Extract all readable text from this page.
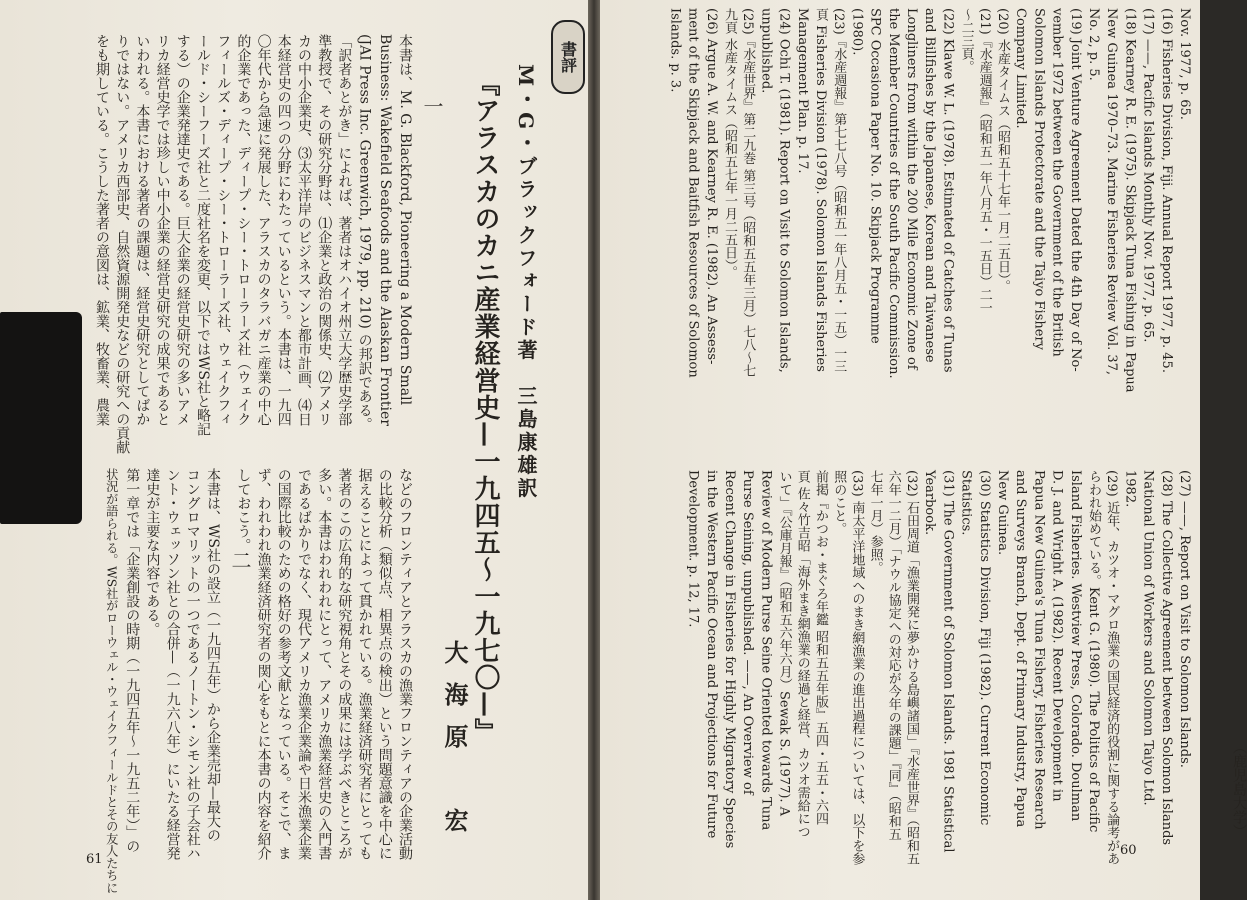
書評
M・G・ブラックフォード著　三島康雄訳
『アラスカのカニ産業経営史—一九四五〜一九七〇—』
大海原　宏
一
本書は、M. G. Blackford, Pioneering a Modern Small
Business: Wakefield Seafoods and the Alaskan Frontier
(JAI Press Inc. Greenwich, 1979, pp. 210) の邦訳である。
「訳者あとがき」によれば、著者はオハイオ州立大学歴史学部
準教授で、その研究分野は、⑴企業と政治の関係史、⑵アメリ
カの中小企業史、⑶太平洋岸のビジネスマンと都市計画、⑷日
本経営史の四つの分野にわたっているという。本書は、一九四
〇年代から急速に発展した、アラスカのタラバガニ産業の中心
的企業であった、ディープ・シー・トローラーズ社（ウェイク
フィールズ・ディープ・シー・トローラーズ社、ウェイクフィ
ールド・シーフーズ社と二度社名を変更、以下ではWS社と略記
する）の企業発達史である。巨大企業の経営史研究の多いアメ
リカ経営史学では珍しい中小企業の経営史研究の成果であると
いわれる。本書における著者の課題は、経営史研究としてばか
りではない。アメリカ西部史、自然資源開発史などの研究への貢献
をも期している。こうした著者の意図は、鉱業、牧畜業、農業
などのフロンティアとアラスカの漁業フロンティアの企業活動
の比較分析（類似点、相異点の検出）という問題意識を中心に
据えることによって貫かれている。漁業経済研究者にとっても
著者のこの広角的な研究視角とその成果には学ぶべきところが
多い。本書はわれわれにとって、アメリカ漁業経営史の入門書
であるばかりでなく、現代アメリカ漁業企業論や日米漁業企業
の国際比較のための格好の参考文献となっている。そこで、ま
ず、われわれ漁業経済研究者の関心をもとに本書の内容を紹介
しておこう。
二
本書は、WS社の設立（一九四五年）から企業売却—最大の
コングロマリットの一つであるノートン・シモン社の子会社ハ
ント・ウェッソン社との合併—（一九六八年）にいたる経営発
達史が主要な内容である。
第一章では「企業創設の時期（一九四五年〜一九五二年）」の
状況が語られる。WS社がローウェル・ウェイクフィールドとその友人たちに
61
Nov. 1977, p. 65.
(16) Fisheries Division, Fiji. Annual Report 1977, p. 45.
(17) ——, Pacific Islands Monthly Nov. 1977, p. 65.
(18) Kearney R. E. (1975). Skipjack Tuna Fishing in Papua
New Guinea 1970–73. Marine Fisheries Review Vol. 37,
No. 2, p. 5.
(19) Joint Venture Agreement Dated the 4th Day of No-
vember 1972 between the Government of the British
Solomon Islands Protectorate and the Taiyo Fishery
Company Limited.
(20) 水産タイムス（昭和五十七年一月二五日）。
(21)『水産週報』（昭和五一年八月五・一五日）二一
〜二三頁。
(22) Klawe W. L. (1978). Estimated of Catches of Tunas
and Billfishes by the Japanese, Korean and Taiwanese
Longliners from within the 200 Mile Economic Zone of
the Member Countries of the South Pacific Commission.
SPC Occasiona Paper No. 10. Skipjack Programme
(1980).
(23)『水産週報』第七七八号（昭和五一年八月五・一五）一三
頁 Fisheries Division (1978). Solomon Islands Fisheries
Management Plan. p. 17.
(24) Ochi T. (1981). Report on Visit to Solomon Islands,
unpublished.
(25)『水産世界』第二九巻 第三号（昭和五五年三月）七八〜七
九頁 水産タイムス（昭和五七年一月二五日）。
(26) Argue A. W. and Kearney R. E. (1982). An Assess-
ment of the Skipjack and Baitfish Resources of Solomon
Islands. p. 3.
(27) ——, Report on Visit to Solomon Islands.
(28) The Collective Agreement between Solomon Islands
National Union of Workers and Solomon Taiyo Ltd.
1982.
(29) 近年、カツオ・マグロ漁業の国民経済的役割に関する論考があ
らわれ始めている。Kent G. (1980). The Politics of Pacific
Island Fisheries. Westview Press, Colorado. Doulman
D. J. and Wright A. (1982). Recent Development in
Papua New Guinea's Tuna Fishery, Fisheries Research
and Surveys Branch, Dept. of Primary Industry, Papua
New Guinea.
(30) Statistics Division, Fiji (1982). Current Economic
Statistics.
(31) The Government of Solomon Islands. 1981 Statistical
Yearbook.
(32) 石田周道「漁業開発に夢かける島嶼諸国」『水産世界』（昭和五
六年一二月）「ナウル協定への対応が今年の課題」『同』（昭和五
七年一月）参照。
(33) 南太平洋地域へのまき網漁業の進出過程については、以下を参
照のこと。
前掲『かつお・まぐろ年鑑 昭和五五年版』五四・五五・六四
頁 佐々竹吉昭「海外まき網漁業の経過と経営、カツオ需給につ
いて」『公庫月報』（昭和五六年六月）Sewak S. (1977). A
Review of Modern Purse Seine Oriented towards Tuna
Purse Seining, unpublished. ——, An Overview of
Recent Change in Fisheries for Highly Migratory Species
in the Western Pacific Ocean and Projections for Future
Development. p. 12, 17.
（鹿児島大学）
60
